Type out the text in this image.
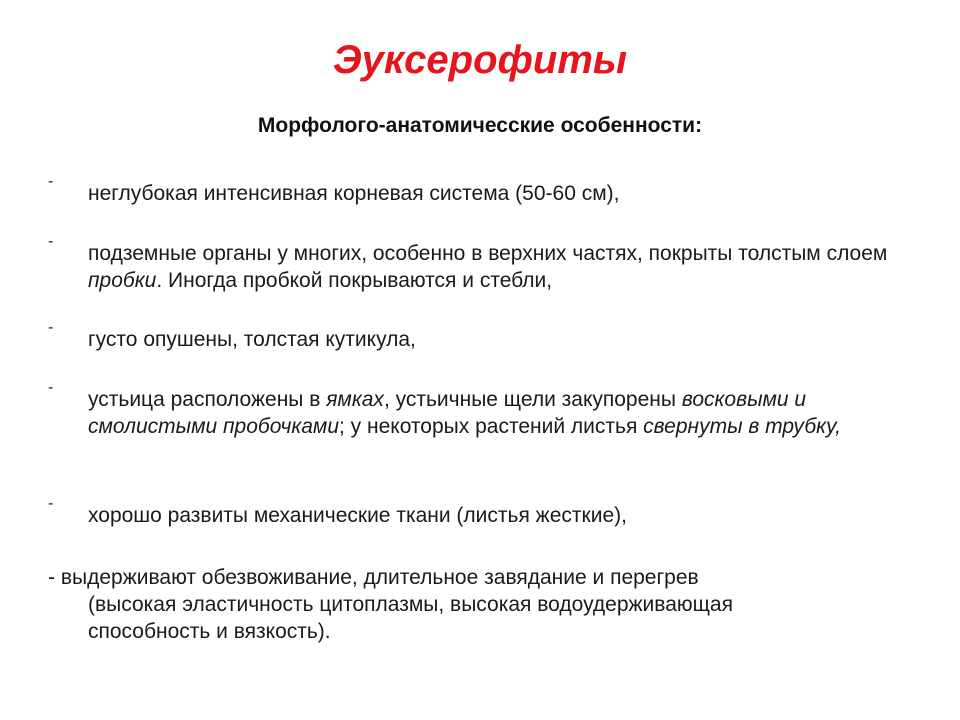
Эуксерофиты
Морфолого-анатомичесские особенности:
-
неглубокая интенсивная корневая система (50-60 см),
-
подземные органы у многих, особенно в верхних частях, покрыты толстым слоем пробки. Иногда пробкой покрываются и стебли,
-
густо опушены, толстая кутикула,
-
устьица расположены в ямках, устьичные щели закупорены восковыми и смолистыми пробочками; у некоторых растений листья свернуты в трубку,
-
хорошо развиты механические ткани (листья жесткие),
- выдерживают обезвоживание, длительное завядание и перегрев
(высокая эластичность цитоплазмы, высокая водоудерживающая
способность и вязкость).
